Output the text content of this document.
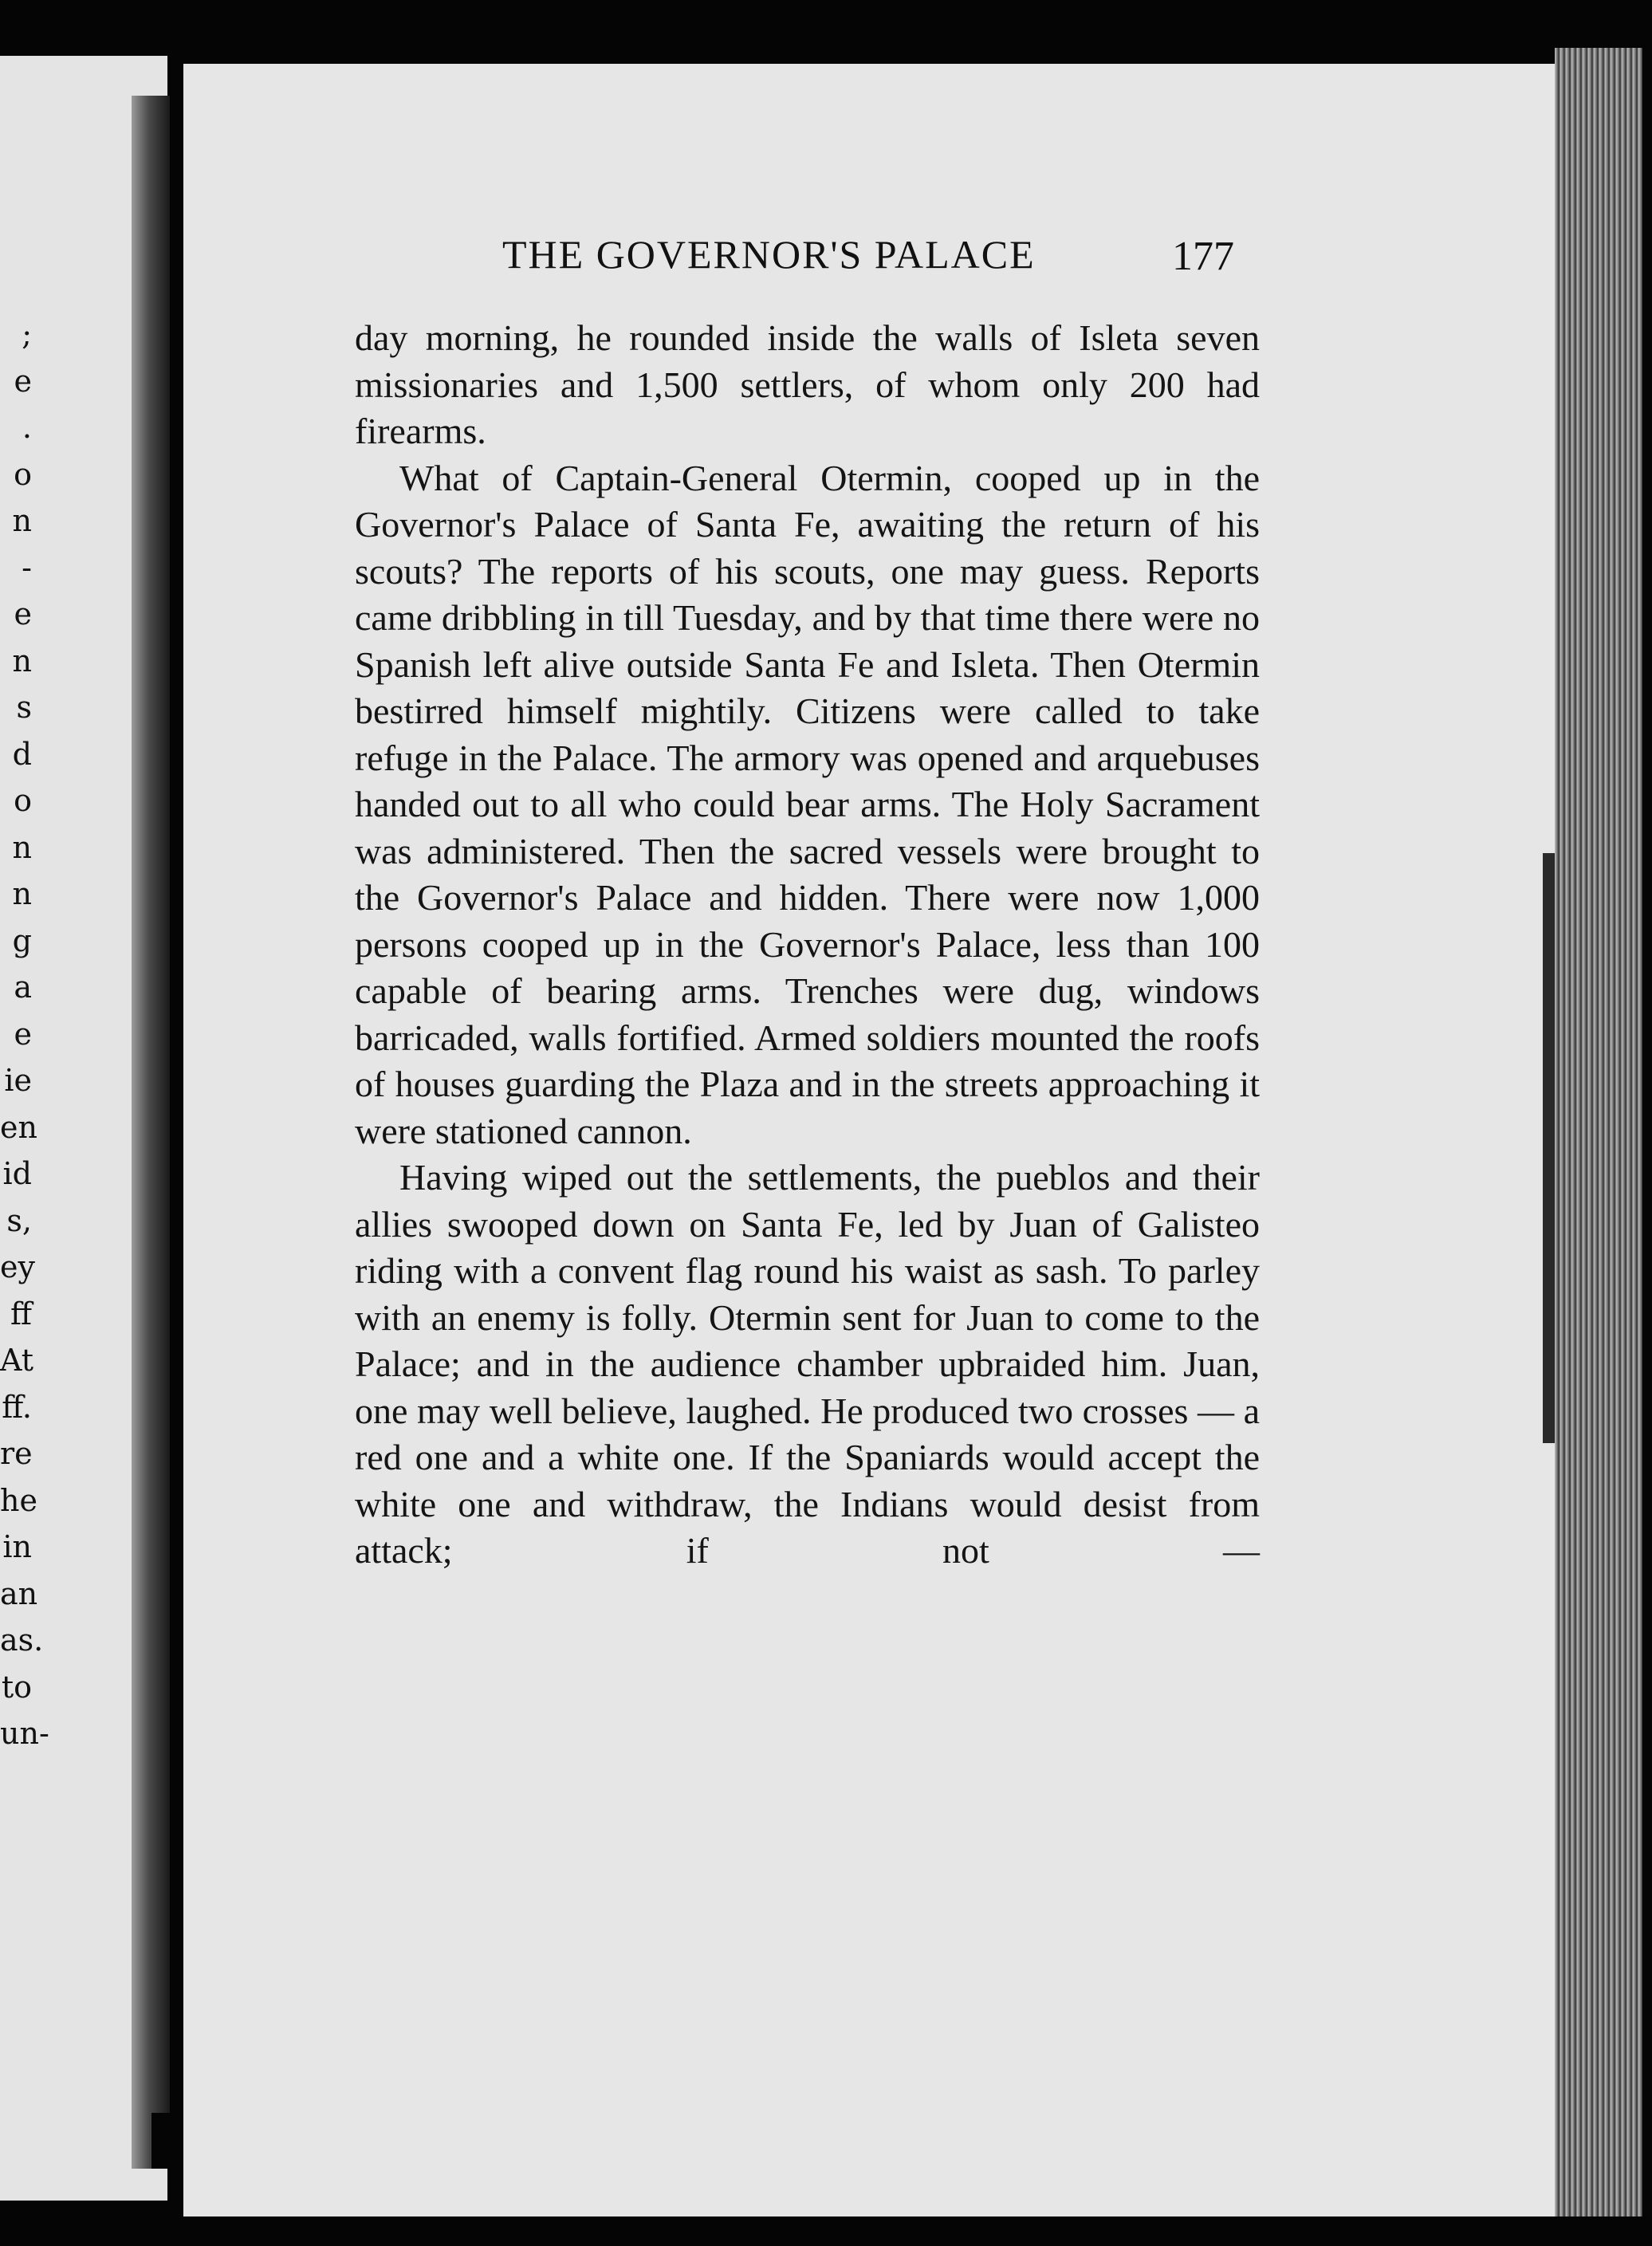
;
e
.
o
n
-
e
n
s
d
o
n
n
g
a
e
ie
en
id
s,
ey
ff
At
ff.
re
he
in
an
as.
to
un-
THE GOVERNOR'S PALACE	177

day morning, he rounded inside the walls of Isleta seven missionaries and 1,500 settlers, of whom only 200 had firearms.

What of Captain-General Otermin, cooped up in the Governor's Palace of Santa Fe, awaiting the return of his scouts? The reports of his scouts, one may guess. Reports came dribbling in till Tuesday, and by that time there were no Spanish left alive outside Santa Fe and Isleta. Then Otermin bestirred himself mightily. Citizens were called to take refuge in the Palace. The armory was opened and arquebuses handed out to all who could bear arms. The Holy Sacrament was administered. Then the sacred vessels were brought to the Governor's Palace and hidden. There were now 1,000 persons cooped up in the Governor's Palace, less than 100 capable of bearing arms. Trenches were dug, windows barricaded, walls fortified. Armed soldiers mounted the roofs of houses guarding the Plaza and in the streets approaching it were stationed cannon.

Having wiped out the settlements, the pueblos and their allies swooped down on Santa Fe, led by Juan of Galisteo riding with a convent flag round his waist as sash. To parley with an enemy is folly. Otermin sent for Juan to come to the Palace; and in the audience chamber upbraided him. Juan, one may well believe, laughed. He produced two crosses — a red one and a white one. If the Spaniards would accept the white one and withdraw, the Indians would desist from attack; if not —
